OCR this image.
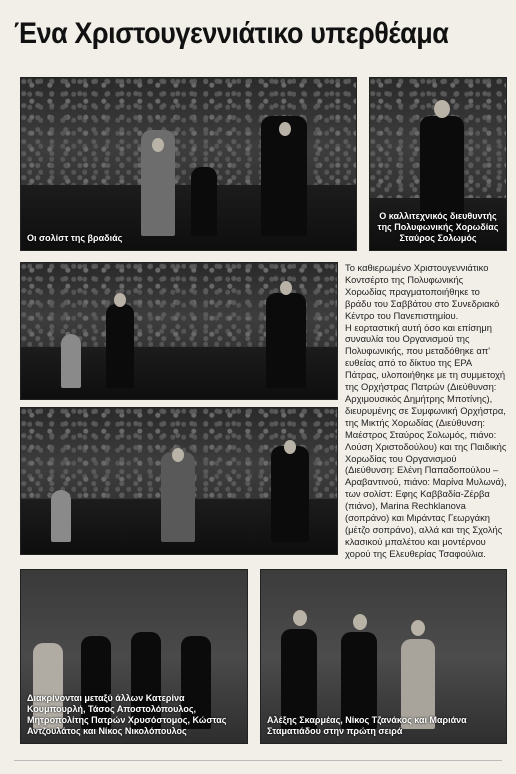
Ένα Χριστουγεννιάτικο υπερθέαμα
Οι σολίστ της βραδιάς
Ο καλλιτεχνικός διευθυντής της Πολυφωνικής Χορωδίας Σταύρος Σολωμός

Το καθιερωμένο Χριστουγεννιάτικο Κοντσέρτο της Πολυφωνικής Χορωδίας πραγματοποιήθηκε το βράδυ του Σαββάτου στο Συνεδριακό Κέντρο του Πανεπιστημίου.

Η εορταστική αυτή όσο και επίσημη συναυλία του Οργανισμού της Πολυφωνικής, που μεταδόθηκε απ' ευθείας από το δίκτυο της ΕΡΑ Πάτρας, υλοποιήθηκε με τη συμμετοχή της Ορχήστρας Πατρών (Διεύθυνση: Αρχιμουσικός Δημήτρης Μποτίνης), διευρυμένης σε Συμφωνική Ορχήστρα, της Μικτής Χορωδίας (Διεύθυνση: Μαέστρος Σταύρος Σολωμός, πιάνο: Λούση Χριστοδούλου) και της Παιδικής Χορωδίας του Οργανισμού (Διεύθυνση: Ελένη Παπαδοπούλου – Αραβαντινού, πιάνο: Μαρίνα Μυλωνά), των σολίστ: Εφης Καββαδία-Ζέρβα (πιάνο), Marina Rechklanova (σοπράνο) και Μιράντας Γεωργάκη (μέτζο σοπράνο), αλλά και της Σχολής κλασικού μπαλέτου και μοντέρνου χορού της Ελευθερίας Τσαφούλια.

Διακρίνονται μεταξύ άλλων Κατερίνα Κουμπουρλή, Τάσος Αποστολόπουλος, Μητροπολίτης Πατρών Χρυσόστομος, Κώστας Αντζουλάτος και Νίκος Νικολόπουλος
Αλέξης Σκαρμέας, Νίκος Τζανάκος και Μαριάνα Σταματιάδου στην πρώτη σειρά
